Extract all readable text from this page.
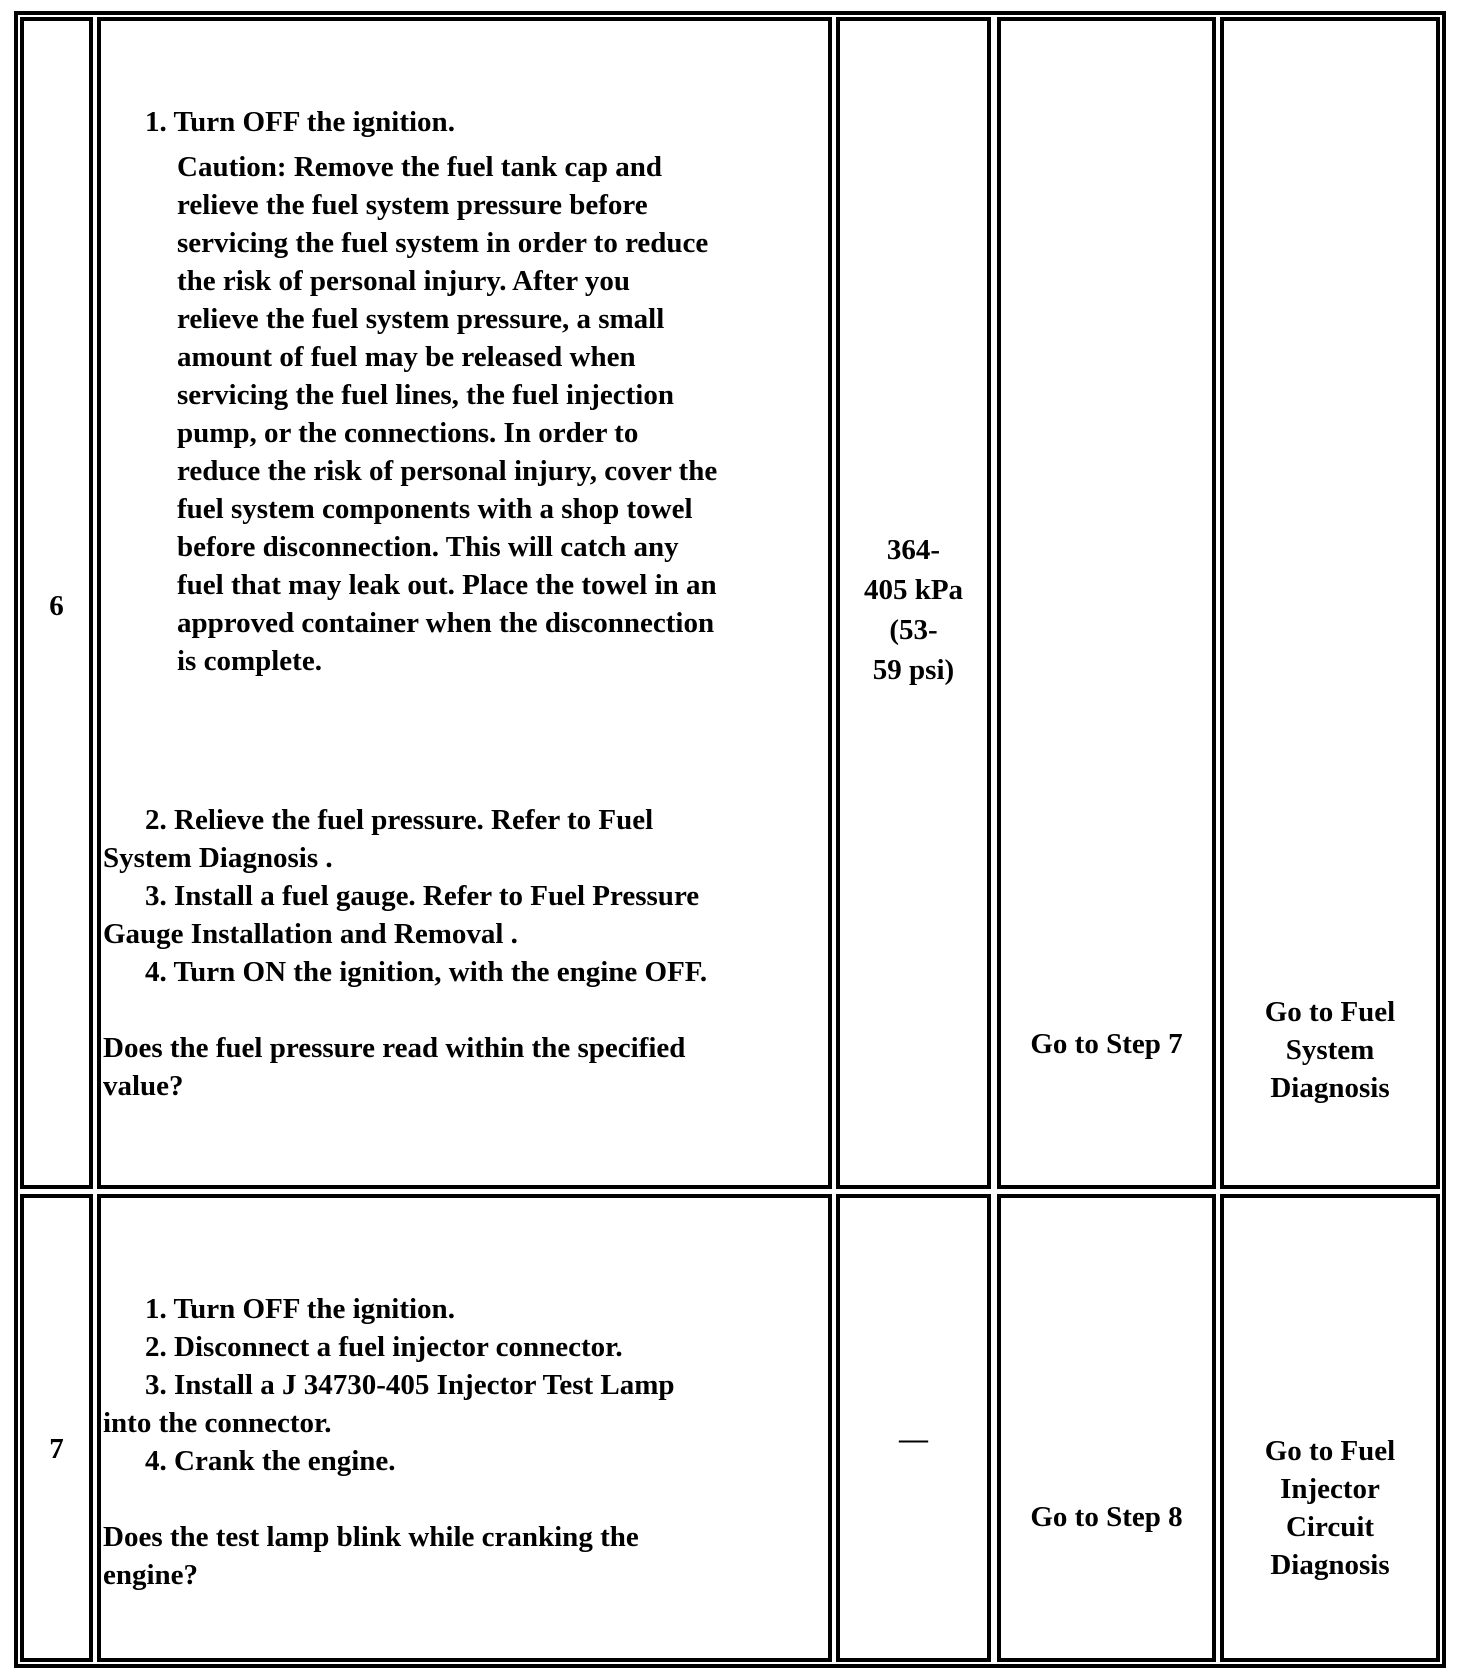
6
1. Turn OFF the ignition.
Caution: Remove the fuel tank cap and
relieve the fuel system pressure before
servicing the fuel system in order to reduce
the risk of personal injury. After you
relieve the fuel system pressure, a small
amount of fuel may be released when
servicing the fuel lines, the fuel injection
pump, or the connections. In order to
reduce the risk of personal injury, cover the
fuel system components with a shop towel
before disconnection. This will catch any
fuel that may leak out. Place the towel in an
approved container when the disconnection
is complete.
2. Relieve the fuel pressure. Refer to Fuel
System Diagnosis .
3. Install a fuel gauge. Refer to Fuel Pressure
Gauge Installation and Removal .
4. Turn ON the ignition, with the engine OFF.
Does the fuel pressure read within the specified
value?
364-
405 kPa
(53-
59 psi)
Go to Step 7
Go to Fuel
System
Diagnosis
7
1. Turn OFF the ignition.
2. Disconnect a fuel injector connector.
3. Install a J 34730-405 Injector Test Lamp
into the connector.
4. Crank the engine.
Does the test lamp blink while cranking the
engine?
—
Go to Step 8
Go to Fuel
Injector
Circuit
Diagnosis
